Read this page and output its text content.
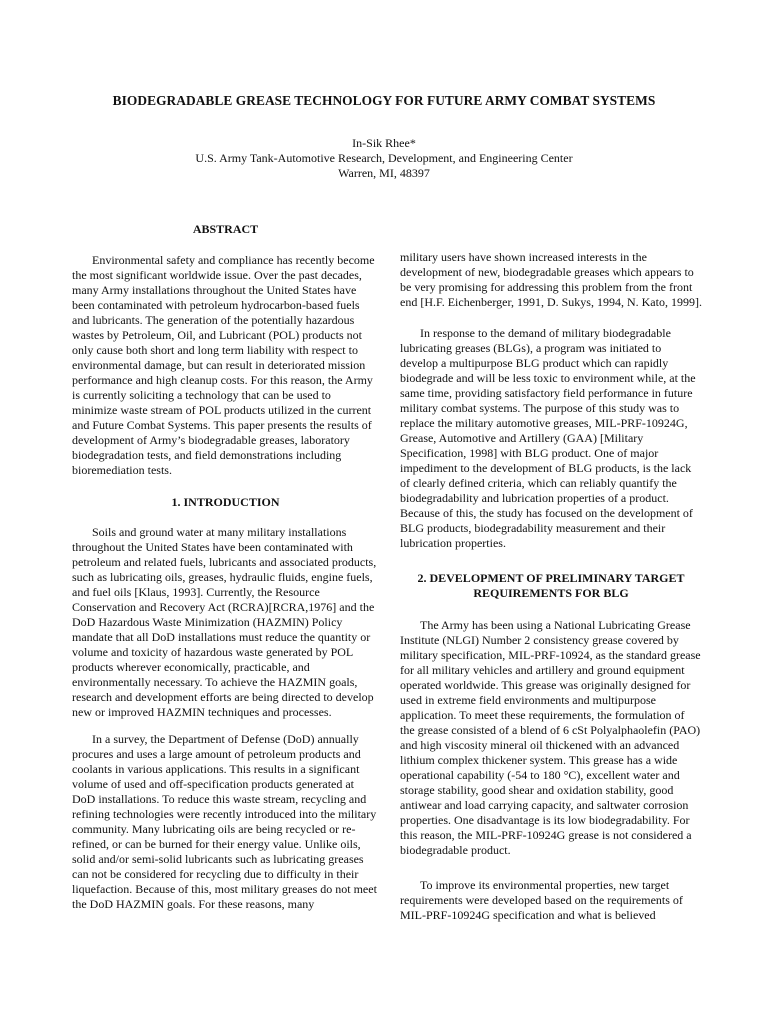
BIODEGRADABLE GREASE TECHNOLOGY FOR FUTURE ARMY COMBAT SYSTEMS
In-Sik Rhee*
U.S. Army Tank-Automotive Research, Development, and Engineering Center
Warren, MI, 48397
ABSTRACT

Environmental safety and compliance has recently become the most significant worldwide issue. Over the past decades, many Army installations throughout the United States have been contaminated with petroleum hydrocarbon-based fuels and lubricants. The generation of the potentially hazardous wastes by Petroleum, Oil, and Lubricant (POL) products not only cause both short and long term liability with respect to environmental damage, but can result in deteriorated mission performance and high cleanup costs. For this reason, the Army is currently soliciting a technology that can be used to minimize waste stream of POL products utilized in the current and Future Combat Systems. This paper presents the results of development of Army’s biodegradable greases, laboratory biodegradation tests, and field demonstrations including bioremediation tests.

1. INTRODUCTION

Soils and ground water at many military installations throughout the United States have been contaminated with petroleum and related fuels, lubricants and associated products, such as lubricating oils, greases, hydraulic fluids, engine fuels, and fuel oils [Klaus, 1993]. Currently, the Resource Conservation and Recovery Act (RCRA)[RCRA,1976] and the DoD Hazardous Waste Minimization (HAZMIN) Policy mandate that all DoD installations must reduce the quantity or volume and toxicity of hazardous waste generated by POL products wherever economically, practicable, and environmentally necessary. To achieve the HAZMIN goals, research and development efforts are being directed to develop new or improved HAZMIN techniques and processes.

In a survey, the Department of Defense (DoD) annually procures and uses a large amount of petroleum products and coolants in various applications. This results in a significant volume of used and off-specification products generated at DoD installations. To reduce this waste stream, recycling and refining technologies were recently introduced into the military community. Many lubricating oils are being recycled or re-refined, or can be burned for their energy value. Unlike oils, solid and/or semi-solid lubricants such as lubricating greases can not be considered for recycling due to difficulty in their liquefaction. Because of this, most military greases do not meet the DoD HAZMIN goals. For these reasons, many

military users have shown increased interests in the development of new, biodegradable greases which appears to be very promising for addressing this problem from the front end [H.F. Eichenberger, 1991, D. Sukys, 1994, N. Kato, 1999].

In response to the demand of military biodegradable lubricating greases (BLGs), a program was initiated to develop a multipurpose BLG product which can rapidly biodegrade and will be less toxic to environment while, at the same time, providing satisfactory field performance in future military combat systems. The purpose of this study was to replace the military automotive greases, MIL-PRF-10924G, Grease, Automotive and Artillery (GAA) [Military Specification, 1998] with BLG product. One of major impediment to the development of BLG products, is the lack of clearly defined criteria, which can reliably quantify the biodegradability and lubrication properties of a product. Because of this, the study has focused on the development of BLG products, biodegradability measurement and their lubrication properties.

2. DEVELOPMENT OF PRELIMINARY TARGET
REQUIREMENTS FOR BLG

The Army has been using a National Lubricating Grease Institute (NLGI) Number 2 consistency grease covered by military specification, MIL-PRF-10924, as the standard grease for all military vehicles and artillery and ground equipment operated worldwide. This grease was originally designed for used in extreme field environments and multipurpose application. To meet these requirements, the formulation of the grease consisted of a blend of 6 cSt Polyalphaolefin (PAO) and high viscosity mineral oil thickened with an advanced lithium complex thickener system. This grease has a wide operational capability (-54 to 180 °C), excellent water and storage stability, good shear and oxidation stability, good antiwear and load carrying capacity, and saltwater corrosion properties. One disadvantage is its low biodegradability. For this reason, the MIL-PRF-10924G grease is not considered a biodegradable product.

To improve its environmental properties, new target requirements were developed based on the requirements of MIL-PRF-10924G specification and what is believed
